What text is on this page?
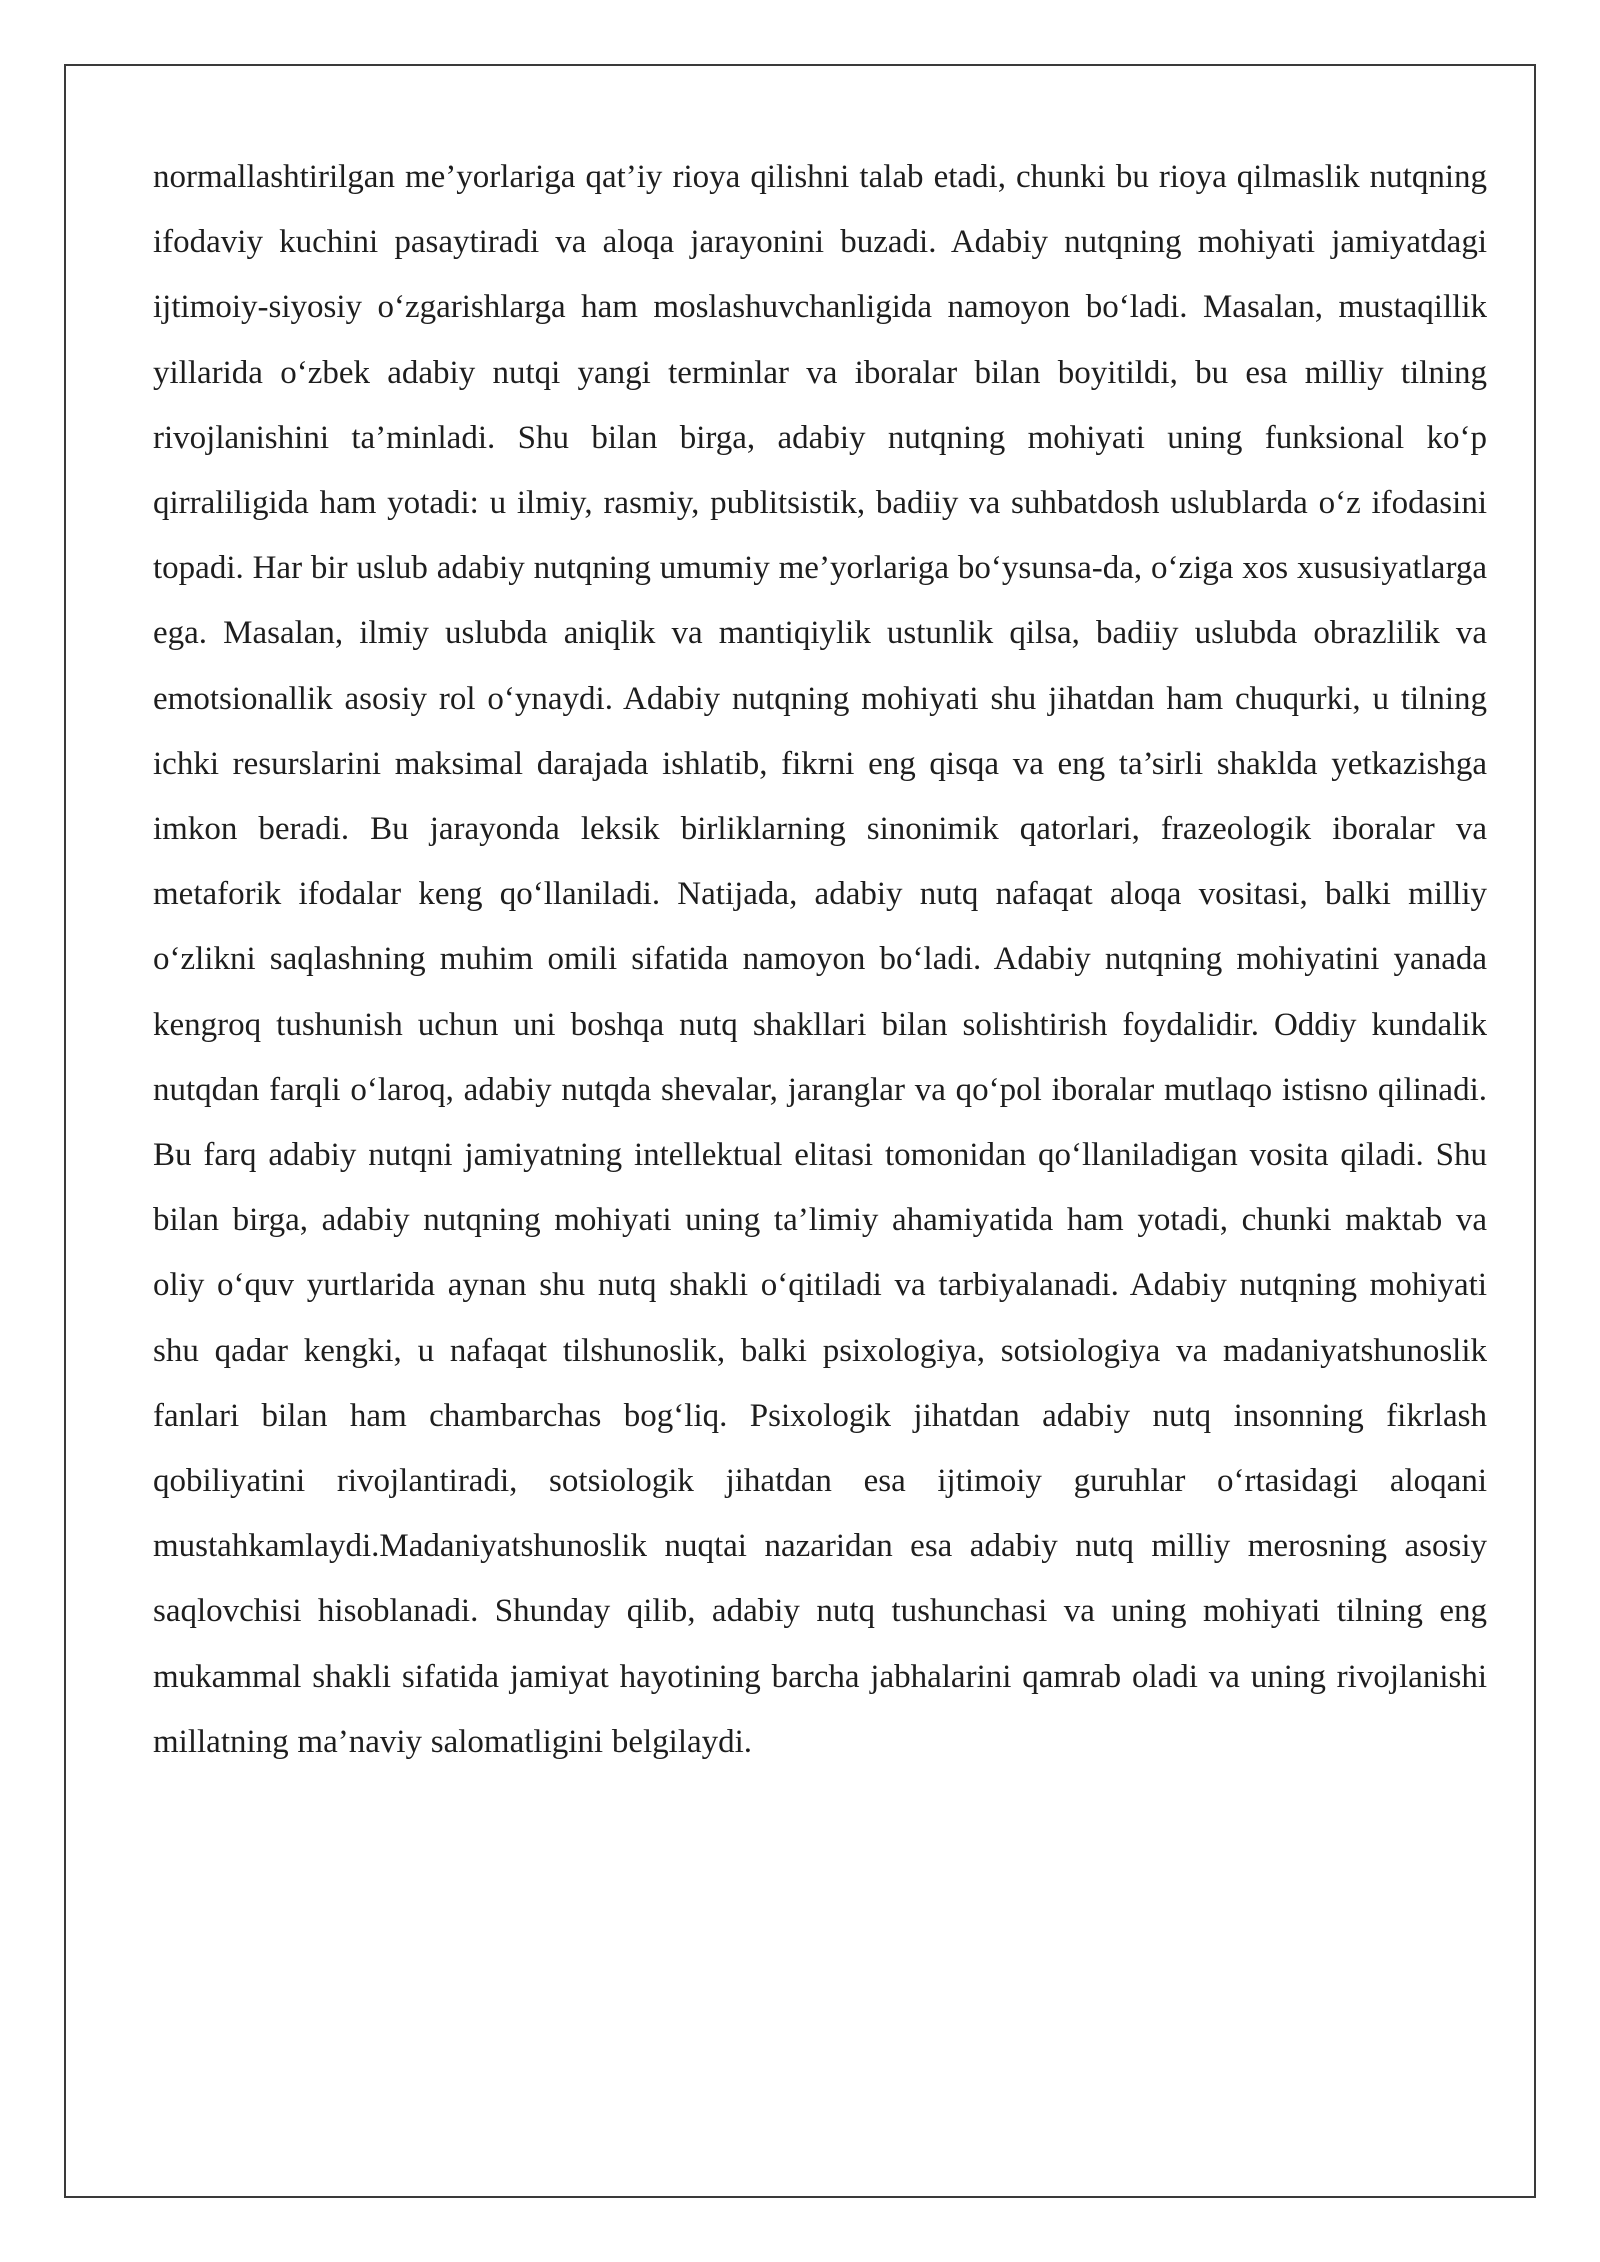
normallashtirilgan me’yorlariga qat’iy rioya qilishni talab etadi, chunki bu rioya qilmaslik nutqning ifodaviy kuchini pasaytiradi va aloqa jarayonini buzadi. Adabiy nutqning mohiyati jamiyatdagi ijtimoiy-siyosiy o‘zgarishlarga ham moslashuvchanligida namoyon bo‘ladi. Masalan, mustaqillik yillarida o‘zbek adabiy nutqi yangi terminlar va iboralar bilan boyitildi, bu esa milliy tilning rivojlanishini ta’minladi. Shu bilan birga, adabiy nutqning mohiyati uning funksional ko‘p qirraliligida ham yotadi: u ilmiy, rasmiy, publitsistik, badiiy va suhbatdosh uslublarda o‘z ifodasini topadi. Har bir uslub adabiy nutqning umumiy me’yorlariga bo‘ysunsa-da, o‘ziga xos xususiyatlarga ega. Masalan, ilmiy uslubda aniqlik va mantiqiylik ustunlik qilsa, badiiy uslubda obrazlilik va emotsionallik asosiy rol o‘ynaydi. Adabiy nutqning mohiyati shu jihatdan ham chuqurki, u tilning ichki resurslarini maksimal darajada ishlatib, fikrni eng qisqa va eng ta’sirli shaklda yetkazishga imkon beradi. Bu jarayonda leksik birliklarning sinonimik qatorlari, frazeologik iboralar va metaforik ifodalar keng qo‘llaniladi. Natijada, adabiy nutq nafaqat aloqa vositasi, balki milliy o‘zlikni saqlashning muhim omili sifatida namoyon bo‘ladi. Adabiy nutqning mohiyatini yanada kengroq tushunish uchun uni boshqa nutq shakllari bilan solishtirish foydalidir. Oddiy kundalik nutqdan farqli o‘laroq, adabiy nutqda shevalar, jaranglar va qo‘pol iboralar mutlaqo istisno qilinadi. Bu farq adabiy nutqni jamiyatning intellektual elitasi tomonidan qo‘llaniladigan vosita qiladi. Shu bilan birga, adabiy nutqning mohiyati uning ta’limiy ahamiyatida ham yotadi, chunki maktab va oliy o‘quv yurtlarida aynan shu nutq shakli o‘qitiladi va tarbiyalanadi. Adabiy nutqning mohiyati shu qadar kengki, u nafaqat tilshunoslik, balki psixologiya, sotsiologiya va madaniyatshunoslik fanlari bilan ham chambarchas bog‘liq. Psixologik jihatdan adabiy nutq insonning fikrlash qobiliyatini rivojlantiradi, sotsiologik jihatdan esa ijtimoiy guruhlar o‘rtasidagi aloqani mustahkamlaydi.Madaniyatshunoslik nuqtai nazaridan esa adabiy nutq milliy merosning asosiy saqlovchisi hisoblanadi. Shunday qilib, adabiy nutq tushunchasi va uning mohiyati tilning eng mukammal shakli sifatida jamiyat hayotining barcha jabhalarini qamrab oladi va uning rivojlanishi millatning ma’naviy salomatligini belgilaydi.
